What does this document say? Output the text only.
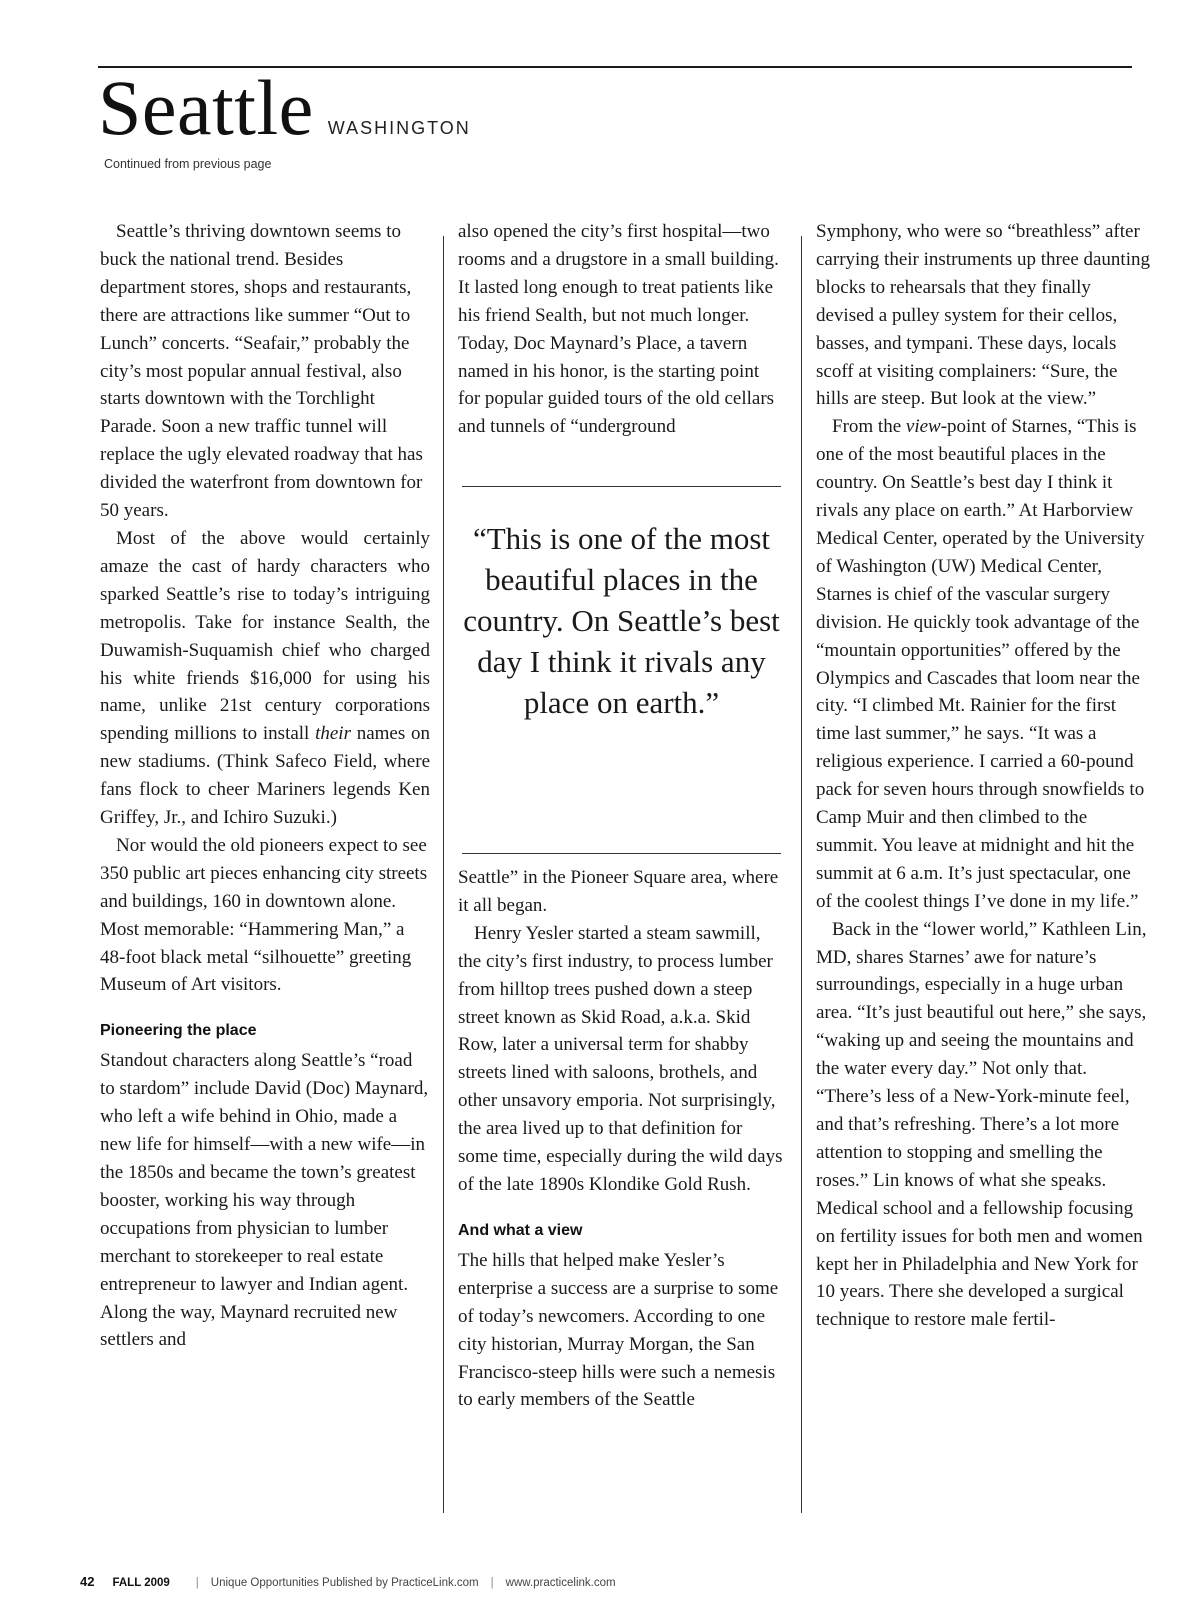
Seattle WASHINGTON
Continued from previous page

Seattle’s thriving downtown seems to buck the national trend. Besides department stores, shops and restaurants, there are attractions like summer “Out to Lunch” concerts. “Seafair,” probably the city’s most popular annual festival, also starts downtown with the Torchlight Parade. Soon a new traffic tunnel will replace the ugly elevated roadway that has divided the waterfront from downtown for 50 years.

Most of the above would certainly amaze the cast of hardy characters who sparked Seattle’s rise to today’s intriguing metropolis. Take for instance Sealth, the Duwamish-Suquamish chief who charged his white friends $16,000 for using his name, unlike 21st century corporations spending millions to install their names on new stadiums. (Think Safeco Field, where fans flock to cheer Mariners legends Ken Griffey, Jr., and Ichiro Suzuki.)

Nor would the old pioneers expect to see 350 public art pieces enhancing city streets and buildings, 160 in downtown alone. Most memorable: “Hammering Man,” a 48-foot black metal “silhouette” greeting Museum of Art visitors.

Pioneering the place

Standout characters along Seattle’s “road to stardom” include David (Doc) Maynard, who left a wife behind in Ohio, made a new life for himself—with a new wife—in the 1850s and became the town’s greatest booster, working his way through occupations from physician to lumber merchant to storekeeper to real estate entrepreneur to lawyer and Indian agent. Along the way, Maynard recruited new settlers and

also opened the city’s first hospital—two rooms and a drugstore in a small building. It lasted long enough to treat patients like his friend Sealth, but not much longer. Today, Doc Maynard’s Place, a tavern named in his honor, is the starting point for popular guided tours of the old cellars and tunnels of “underground

“This is one of the most beautiful places in the country. On Seattle’s best day I think it rivals any place on earth.”

Seattle” in the Pioneer Square area, where it all began.

Henry Yesler started a steam sawmill, the city’s first industry, to process lumber from hilltop trees pushed down a steep street known as Skid Road, a.k.a. Skid Row, later a universal term for shabby streets lined with saloons, brothels, and other unsavory emporia. Not surprisingly, the area lived up to that definition for some time, especially during the wild days of the late 1890s Klondike Gold Rush.

And what a view

The hills that helped make Yesler’s enterprise a success are a surprise to some of today’s newcomers. According to one city historian, Murray Morgan, the San Francisco-steep hills were such a nemesis to early members of the Seattle

Symphony, who were so “breathless” after carrying their instruments up three daunting blocks to rehearsals that they finally devised a pulley system for their cellos, basses, and tympani. These days, locals scoff at visiting complainers: “Sure, the hills are steep. But look at the view.”

From the view-point of Starnes, “This is one of the most beautiful places in the country. On Seattle’s best day I think it rivals any place on earth.” At Harborview Medical Center, operated by the University of Washington (UW) Medical Center, Starnes is chief of the vascular surgery division. He quickly took advantage of the “mountain opportunities” offered by the Olympics and Cascades that loom near the city. “I climbed Mt. Rainier for the first time last summer,” he says. “It was a religious experience. I carried a 60-pound pack for seven hours through snowfields to Camp Muir and then climbed to the summit. You leave at midnight and hit the summit at 6 a.m. It’s just spectacular, one of the coolest things I’ve done in my life.”

Back in the “lower world,” Kathleen Lin, MD, shares Starnes’ awe for nature’s surroundings, especially in a huge urban area. “It’s just beautiful out here,” she says, “waking up and seeing the mountains and the water every day.” Not only that. “There’s less of a New-York-minute feel, and that’s refreshing. There’s a lot more attention to stopping and smelling the roses.” Lin knows of what she speaks. Medical school and a fellowship focusing on fertility issues for both men and women kept her in Philadelphia and New York for 10 years. There she developed a surgical technique to restore male fertil-

42 FALL 2009 | Unique Opportunities Published by PracticeLink.com | www.practicelink.com
